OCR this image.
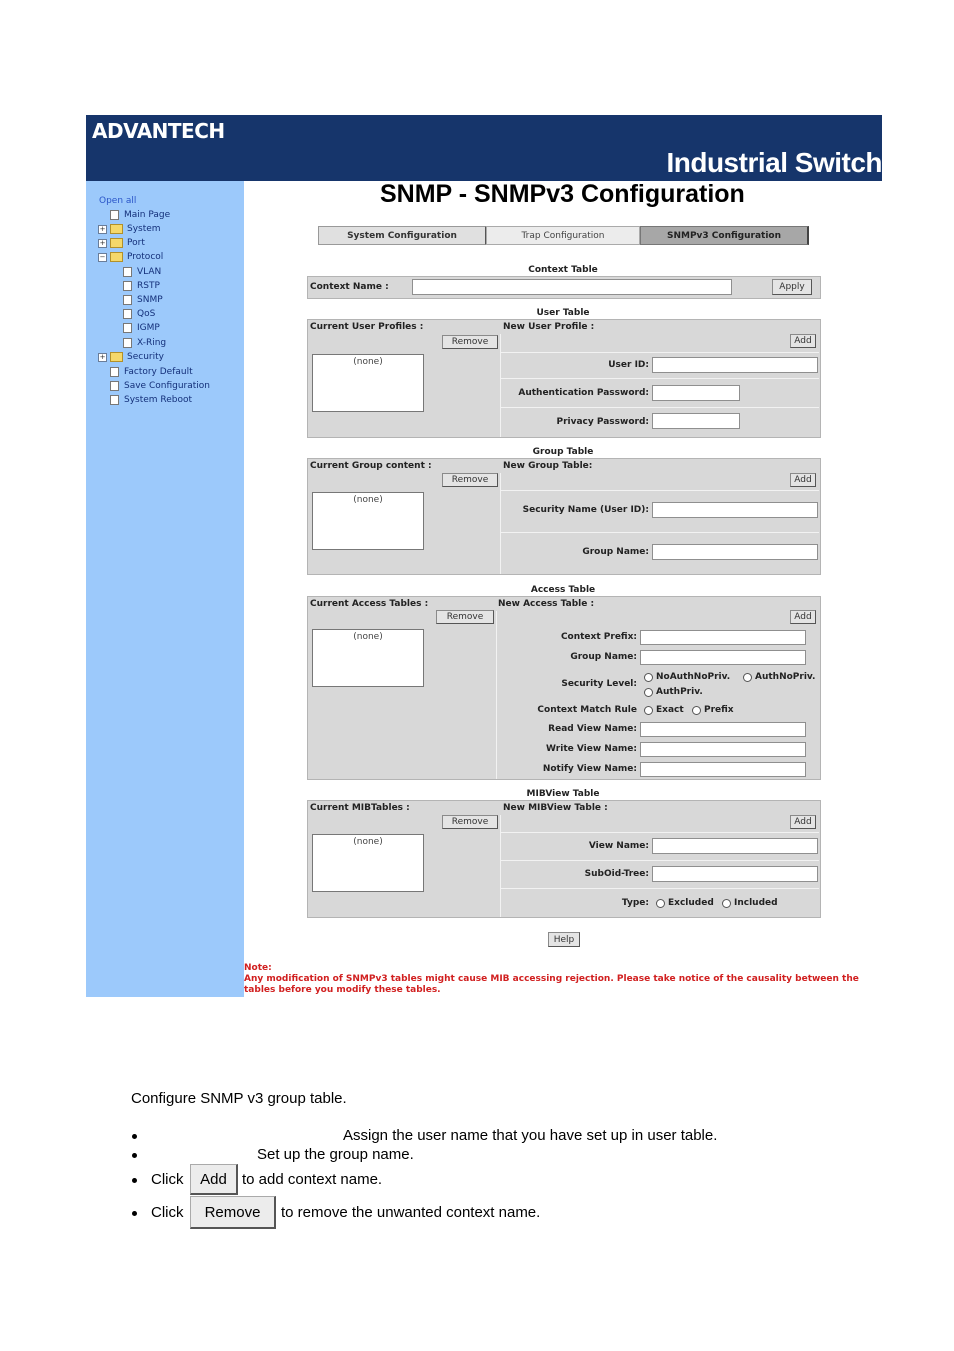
ADVANTECH
Industrial Switch
Open all
Main Page
+ System
+ Port
− Protocol
VLAN
RSTP
SNMP
QoS
IGMP
X-Ring
+ Security
Factory Default
Save Configuration
System Reboot
SNMP - SNMPv3 Configuration
System Configuration	Trap Configuration	SNMPv3 Configuration
Context Table
Context Name :	Apply
User Table
Current User Profiles :	New User Profile :
Remove	Add
(none)	User ID:
Authentication Password:
Privacy Password:
Group Table
Current Group content :	New Group Table:
Remove	Add
(none)
Security Name (User ID):
Group Name:
Access Table
Current Access Tables :	New Access Table :
Remove	Add
(none)	Context Prefix:
Group Name:
Security Level:
NoAuthNoPriv.	AuthNoPriv.
AuthPriv.
Context Match Rule Exact Prefix
Read View Name:
Write View Name:
Notify View Name:
MIBView Table
Current MIBTables :	New MIBView Table :
Remove	Add
(none)	View Name:
SubOid-Tree:
Type: Excluded Included
Help
Note:
Any modification of SNMPv3 tables might cause MIB accessing rejection. Please take notice of the causality between the tables before you modify these tables.
Configure SNMP v3 group table.
Assign the user name that you have set up in user table.
Set up the group name.
Click	Add	to add context name.
Click	Remove	to remove the unwanted context name.
